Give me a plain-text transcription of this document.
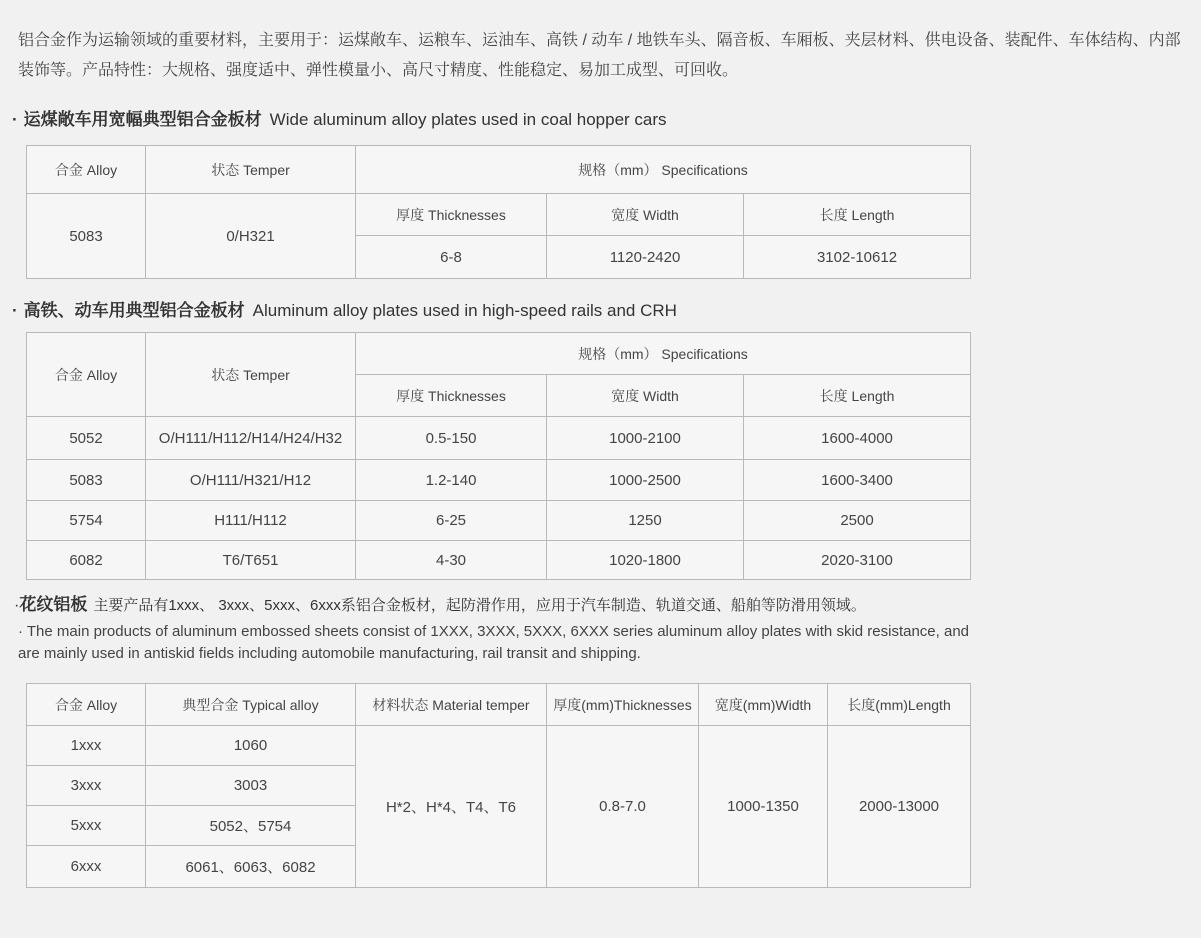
铝合金作为运输领域的重要材料，主要用于：运煤敞车、运粮车、运油车、高铁 / 动车 / 地铁车头、隔音板、车厢板、夹层材料、供电设备、装配件、车体结构、内部装饰等。产品特性：大规格、强度适中、弹性模量小、高尺寸精度、性能稳定、易加工成型、可回收。

· 运煤敞车用宽幅典型铝合金板材 Wide aluminum alloy plates used in coal hopper cars
合金 Alloy	状态 Temper	规格（mm） Specifications		
5083	0/H321	厚度 Thicknesses	宽度 Width	长度 Length
		6-8	1120-2420	3102-10612
· 高铁、动车用典型铝合金板材 Aluminum alloy plates used in high-speed rails and CRH
合金 Alloy	状态 Temper	规格（mm） Specifications		
		厚度 Thicknesses	宽度 Width	长度 Length
5052	O/H111/H112/H14/H24/H32	0.5-150	1000-2100	1600-4000
5083	O/H111/H321/H12	1.2-140	1000-2500	1600-3400
5754	H111/H112	6-25	1250	2500
6082	T6/T651	4-30	1020-1800	2020-3100
·花纹铝板 主要产品有1xxx、 3xxx、5xxx、6xxx系铝合金板材，起防滑作用，应用于汽车制造、轨道交通、船舶等防滑用领域。

· The main products of aluminum embossed sheets consist of 1XXX, 3XXX, 5XXX, 6XXX series aluminum alloy plates with skid resistance, and are mainly used in antiskid fields including automobile manufacturing, rail transit and shipping.

合金 Alloy	典型合金 Typical alloy	材料状态 Material temper	厚度(mm)Thicknesses	宽度(mm)Width	长度(mm)Length
1xxx	1060	H*2、H*4、T4、T6	0.8-7.0	1000-1350	2000-13000
3xxx	3003				
5xxx	5052、5754				
6xxx	6061、6063、6082				
